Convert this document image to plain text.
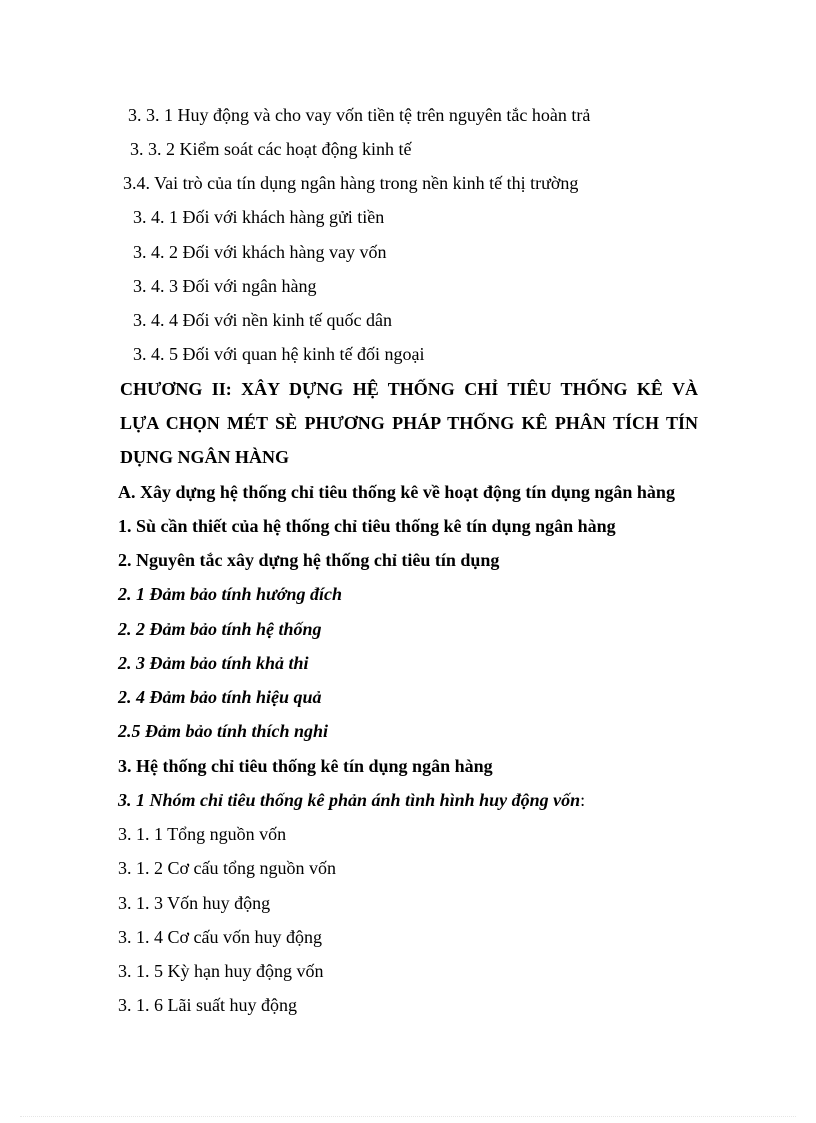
3. 3. 1 Huy động và cho vay vốn tiền tệ trên nguyên tắc hoàn trả
3. 3. 2 Kiểm soát các hoạt động kinh tế
3.4. Vai trò của tín dụng ngân hàng trong nền kinh tế thị trường
3. 4. 1 Đối với khách hàng gửi tiền
3. 4. 2 Đối với khách hàng vay vốn
3. 4. 3 Đối với ngân hàng
3. 4. 4 Đối với nền kinh tế quốc dân
3. 4. 5 Đối với quan hệ kinh tế đối ngoại
CHƯƠNG II: XÂY DỰNG HỆ THỐNG CHỈ TIÊU THỐNG KÊ VÀ
LỰA CHỌN MÉT SÈ PHƯƠNG PHÁP THỐNG KÊ PHÂN TÍCH TÍN
DỤNG NGÂN HÀNG
A. Xây dựng hệ thống chỉ tiêu thống kê về hoạt động tín dụng ngân hàng
1. Sù cần thiết của hệ thống chỉ tiêu thống kê tín dụng ngân hàng
2. Nguyên tắc xây dựng hệ thống chỉ tiêu tín dụng
2. 1 Đảm bảo tính hướng đích
2. 2 Đảm bảo tính hệ thống
2. 3 Đảm bảo tính khả thi
2. 4 Đảm bảo tính hiệu quả
2.5 Đảm bảo tính thích nghi
3. Hệ thống chỉ tiêu thống kê tín dụng ngân hàng
3. 1 Nhóm chỉ tiêu thống kê phản ánh tình hình huy động vốn:
3. 1. 1 Tổng nguồn vốn
3. 1. 2 Cơ cấu tổng nguồn vốn
3. 1. 3 Vốn huy động
3. 1. 4 Cơ cấu vốn huy động
3. 1. 5 Kỳ hạn huy động vốn
3. 1. 6 Lãi suất huy động
